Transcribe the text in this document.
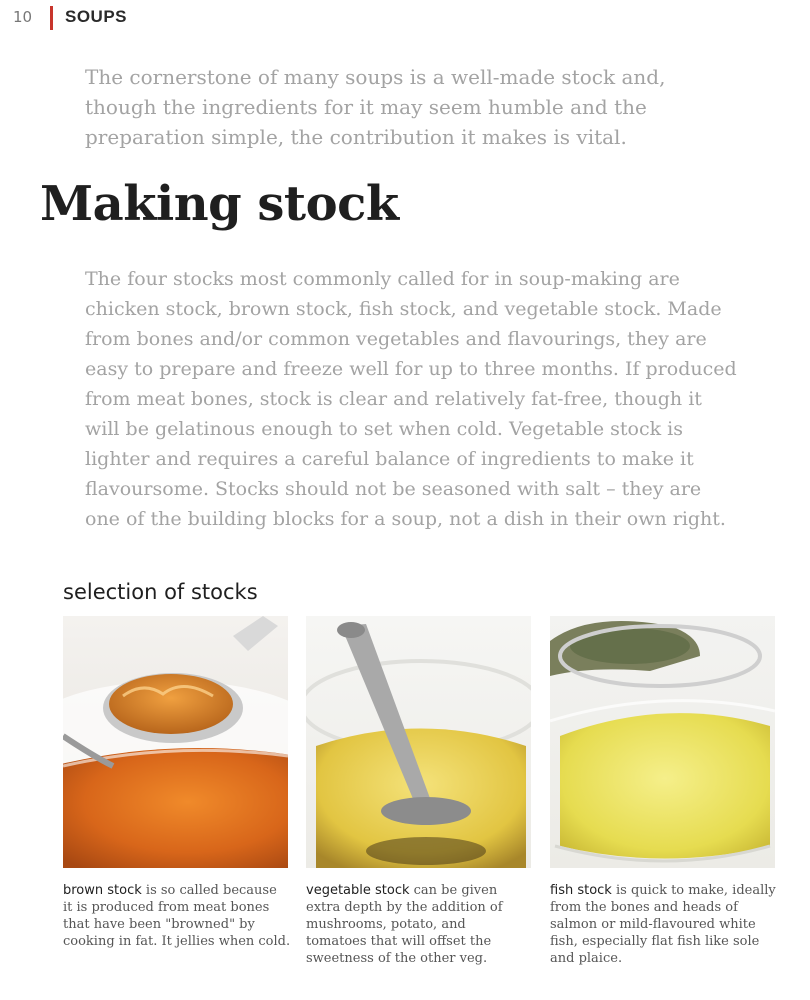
10 SOUPS

The cornerstone of many soups is a well-made stock and,
though the ingredients for it may seem humble and the
preparation simple, the contribution it makes is vital.

Making stock

The four stocks most commonly called for in soup-making are
chicken stock, brown stock, fish stock, and vegetable stock. Made
from bones and/or common vegetables and flavourings, they are
easy to prepare and freeze well for up to three months. If produced
from meat bones, stock is clear and relatively fat-free, though it
will be gelatinous enough to set when cold. Vegetable stock is
lighter and requires a careful balance of ingredients to make it
flavoursome. Stocks should not be seasoned with salt – they are
one of the building blocks for a soup, not a dish in their own right.

selection of stocks

brown stock is so called because
it is produced from meat bones
that have been "browned" by
cooking in fat. It jellies when cold.

vegetable stock can be given
extra depth by the addition of
mushrooms, potato, and
tomatoes that will offset the
sweetness of the other veg.

fish stock is quick to make, ideally
from the bones and heads of
salmon or mild-flavoured white
fish, especially flat fish like sole
and plaice.
